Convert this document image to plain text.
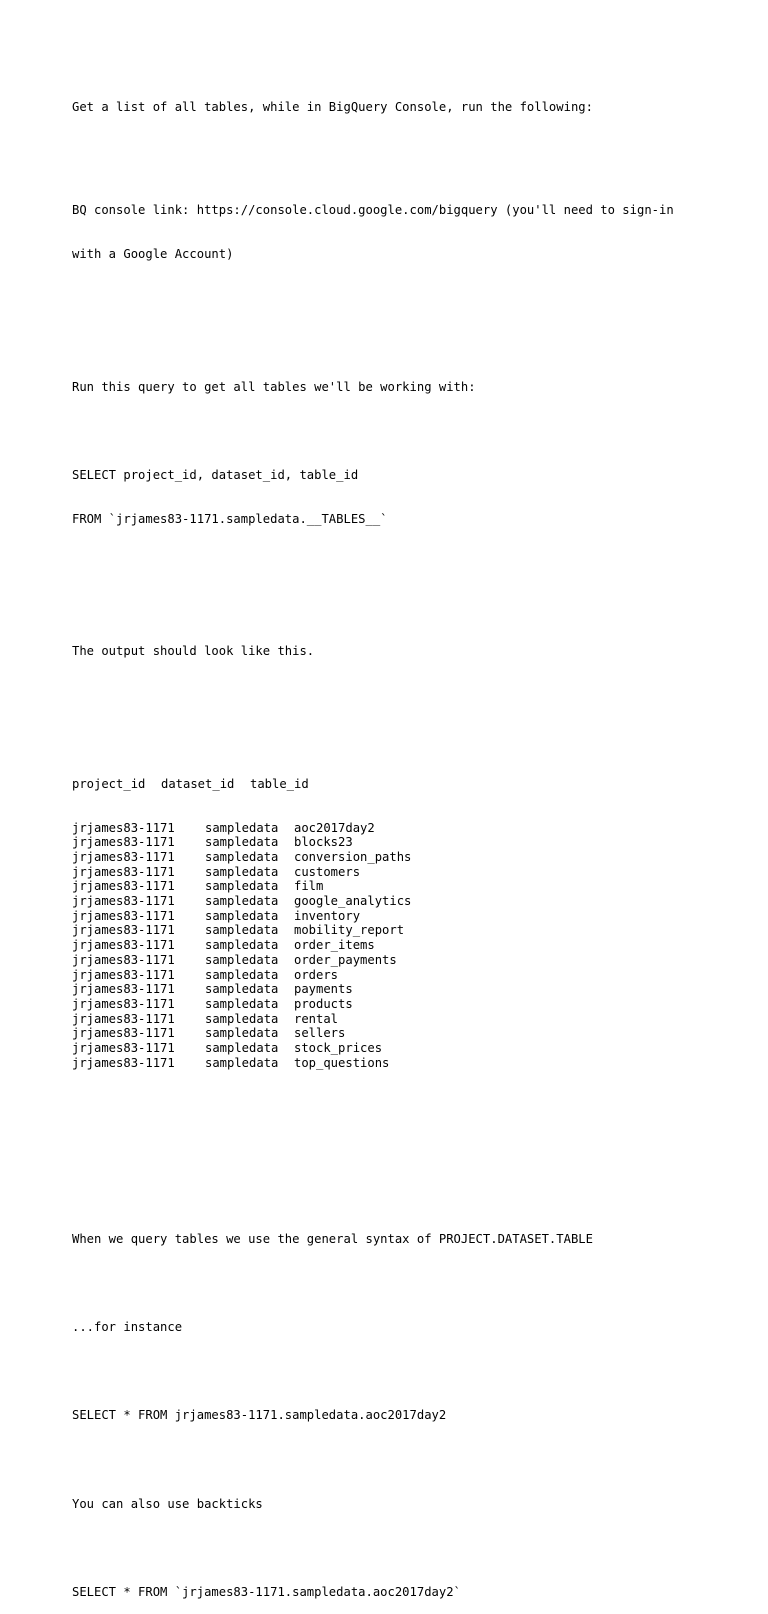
Get a list of all tables, while in BigQuery Console, run the following:

BQ console link: https://console.cloud.google.com/bigquery (you'll need to sign-in

with a Google Account)

Run this query to get all tables we'll be working with:

SELECT project_id, dataset_id, table_id

FROM `jrjames83-1171.sampledata.__TABLES__`

The output should look like this.

project_id

dataset_id

table_id

jrjames83-1171 sampledata aoc2017day2
jrjames83-1171 sampledata blocks23
jrjames83-1171 sampledata conversion_paths
jrjames83-1171 sampledata customers
jrjames83-1171 sampledata film
jrjames83-1171 sampledata google_analytics
jrjames83-1171 sampledata inventory
jrjames83-1171 sampledata mobility_report
jrjames83-1171 sampledata order_items
jrjames83-1171 sampledata order_payments
jrjames83-1171 sampledata orders
jrjames83-1171 sampledata payments
jrjames83-1171 sampledata products
jrjames83-1171 sampledata rental
jrjames83-1171 sampledata sellers
jrjames83-1171 sampledata stock_prices
jrjames83-1171 sampledata top_questions

When we query tables we use the general syntax of PROJECT.DATASET.TABLE

...for instance

SELECT * FROM jrjames83-1171.sampledata.aoc2017day2

You can also use backticks

SELECT * FROM `jrjames83-1171.sampledata.aoc2017day2`
